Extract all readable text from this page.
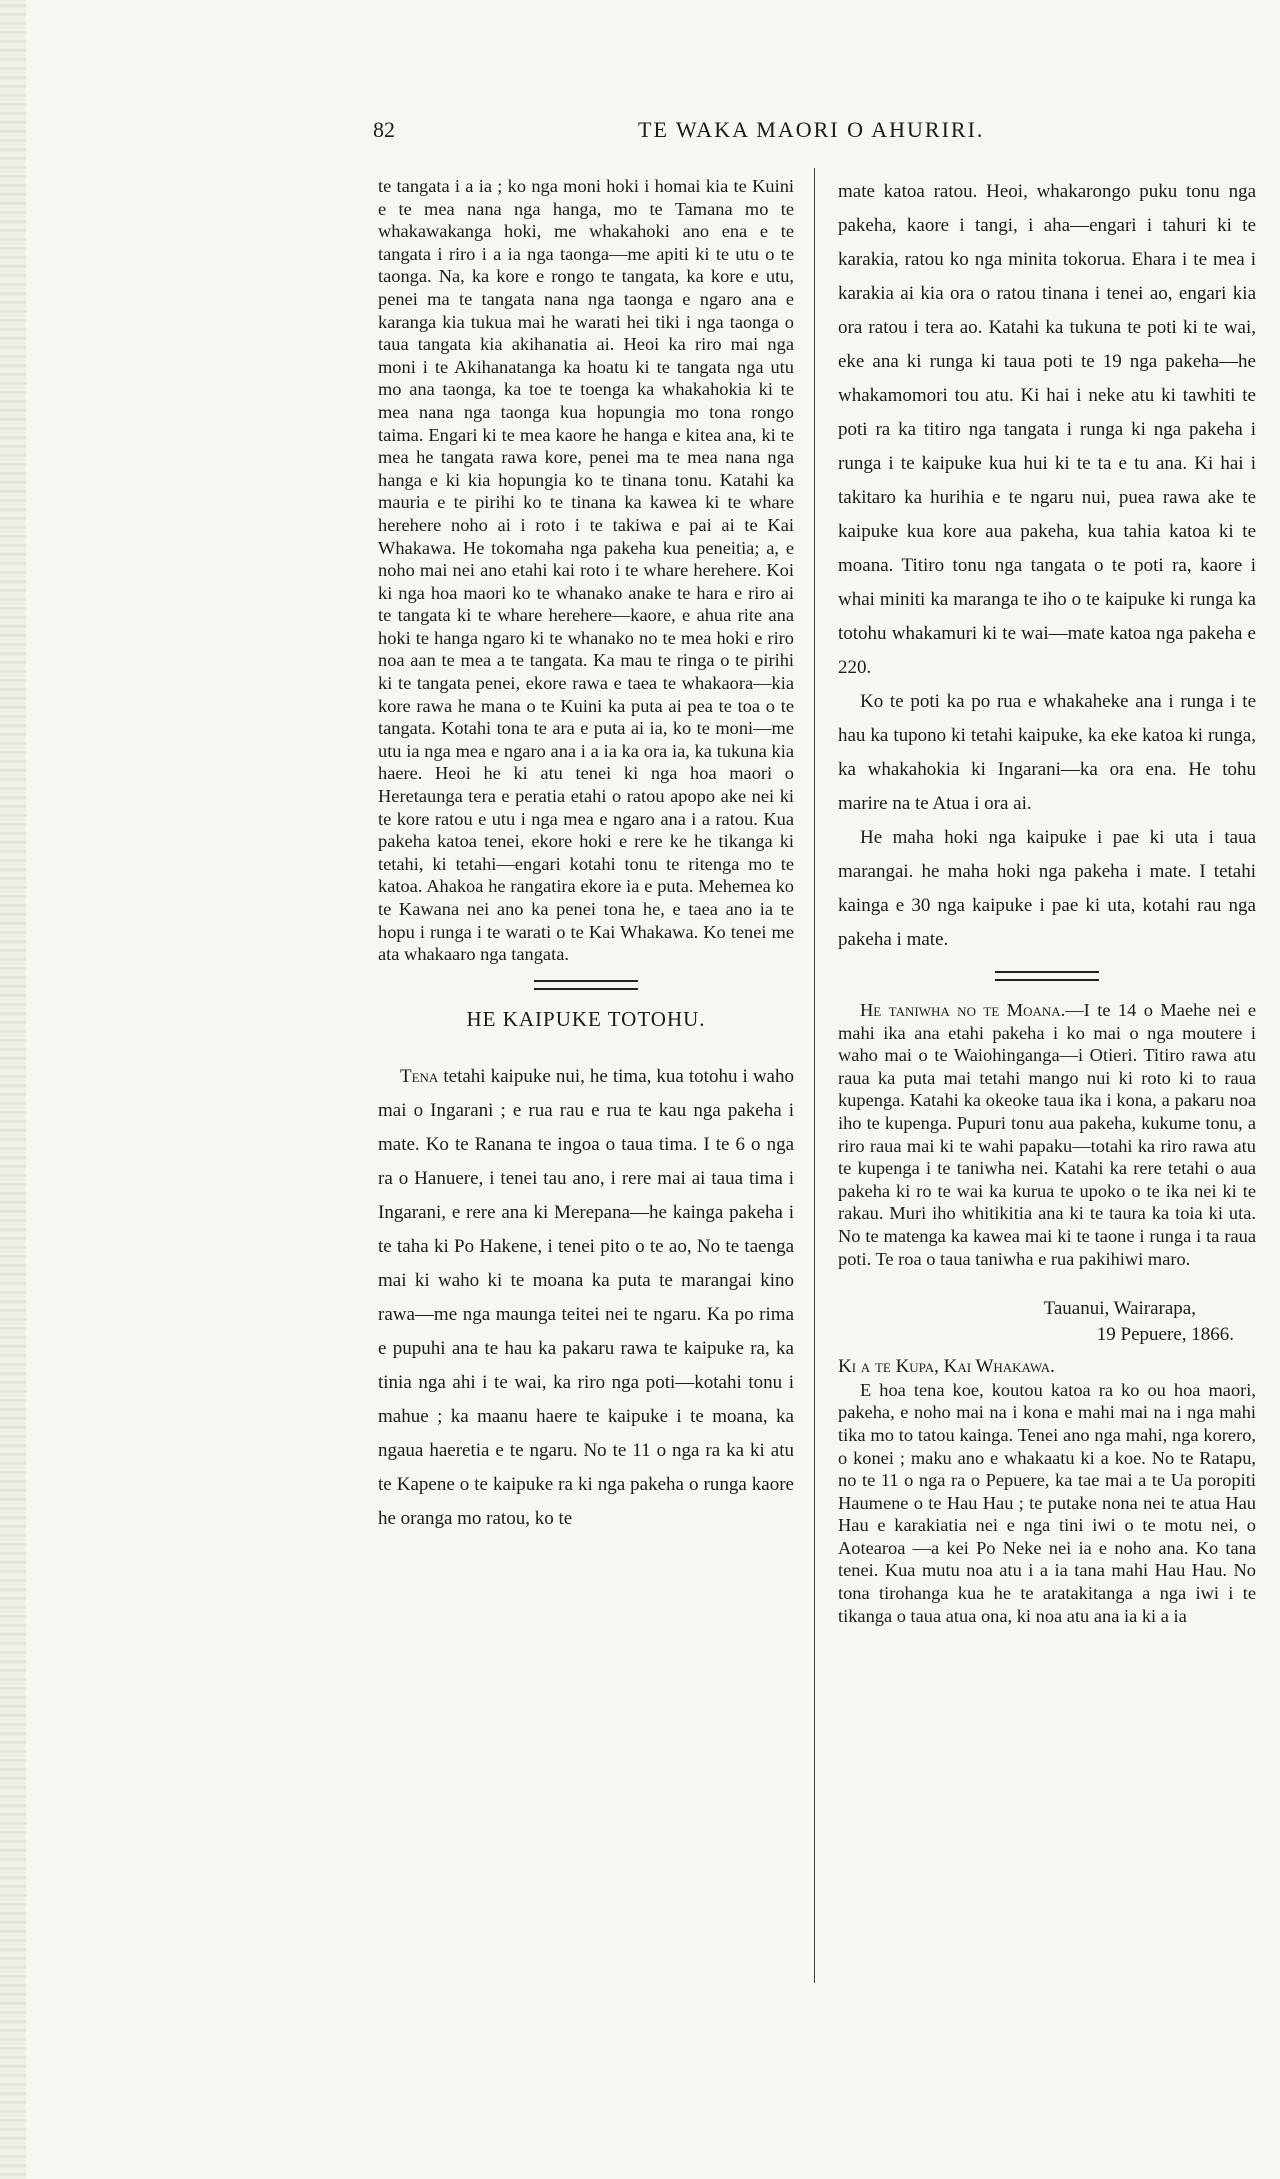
82	TE WAKA MAORI O AHURIRI.

te tangata i a ia ; ko nga moni hoki i homai kia te Kuini e te mea nana nga hanga, mo te Tamana mo te whakawakanga hoki, me whakahoki ano ena e te tangata i riro i a ia nga taonga—me apiti ki te utu o te taonga. Na, ka kore e rongo te tangata, ka kore e utu, penei ma te tangata nana nga taonga e ngaro ana e karanga kia tukua mai he warati hei tiki i nga taonga o taua tangata kia akihanatia ai. Heoi ka riro mai nga moni i te Akihanatanga ka hoatu ki te tangata nga utu mo ana taonga, ka toe te toenga ka whakahokia ki te mea nana nga taonga kua hopungia mo tona rongo taima. Engari ki te mea kaore he hanga e kitea ana, ki te mea he tangata rawa kore, penei ma te mea nana nga hanga e ki kia hopungia ko te tinana tonu. Katahi ka mauria e te pirihi ko te tinana ka kawea ki te whare herehere noho ai i roto i te takiwa e pai ai te Kai Whakawa. He tokomaha nga pakeha kua peneitia; a, e noho mai nei ano etahi kai roto i te whare herehere. Koi ki nga hoa maori ko te whanako anake te hara e riro ai te tangata ki te whare herehere—kaore, e ahua rite ana hoki te hanga ngaro ki te whanako no te mea hoki e riro noa aan te mea a te tangata. Ka mau te ringa o te pirihi ki te tangata penei, ekore rawa e taea te whakaora—kia kore rawa he mana o te Kuini ka puta ai pea te toa o te tangata. Kotahi tona te ara e puta ai ia, ko te moni—me utu ia nga mea e ngaro ana i a ia ka ora ia, ka tukuna kia haere. Heoi he ki atu tenei ki nga hoa maori o Heretaunga tera e peratia etahi o ratou apopo ake nei ki te kore ratou e utu i nga mea e ngaro ana i a ratou. Kua pakeha katoa tenei, ekore hoki e rere ke he tikanga ki tetahi, ki tetahi—engari kotahi tonu te ritenga mo te katoa. Ahakoa he rangatira ekore ia e puta. Mehemea ko te Kawana nei ano ka penei tona he, e taea ano ia te hopu i runga i te warati o te Kai Whakawa. Ko tenei me ata whakaaro nga tangata.

HE KAIPUKE TOTOHU.

Tena tetahi kaipuke nui, he tima, kua totohu i waho mai o Ingarani ; e rua rau e rua te kau nga pakeha i mate. Ko te Ranana te ingoa o taua tima. I te 6 o nga ra o Hanuere, i tenei tau ano, i rere mai ai taua tima i Ingarani, e rere ana ki Merepana—he kainga pakeha i te taha ki Po Hakene, i tenei pito o te ao, No te taenga mai ki waho ki te moana ka puta te marangai kino rawa—me nga maunga teitei nei te ngaru. Ka po rima e pupuhi ana te hau ka pakaru rawa te kaipuke ra, ka tinia nga ahi i te wai, ka riro nga poti—kotahi tonu i mahue ; ka maanu haere te kaipuke i te moana, ka ngaua haeretia e te ngaru. No te 11 o nga ra ka ki atu te Kapene o te kaipuke ra ki nga pakeha o runga kaore he oranga mo ratou, ko te

mate katoa ratou. Heoi, whakarongo puku tonu nga pakeha, kaore i tangi, i aha—engari i tahuri ki te karakia, ratou ko nga minita tokorua. Ehara i te mea i karakia ai kia ora o ratou tinana i tenei ao, engari kia ora ratou i tera ao. Katahi ka tukuna te poti ki te wai, eke ana ki runga ki taua poti te 19 nga pakeha—he whakamomori tou atu. Ki hai i neke atu ki tawhiti te poti ra ka titiro nga tangata i runga ki nga pakeha i runga i te kaipuke kua hui ki te ta e tu ana. Ki hai i takitaro ka hurihia e te ngaru nui, puea rawa ake te kaipuke kua kore aua pakeha, kua tahia katoa ki te moana. Titiro tonu nga tangata o te poti ra, kaore i whai miniti ka maranga te iho o te kaipuke ki runga ka totohu whakamuri ki te wai—mate katoa nga pakeha e 220.

Ko te poti ka po rua e whakaheke ana i runga i te hau ka tupono ki tetahi kaipuke, ka eke katoa ki runga, ka whakahokia ki Ingarani—ka ora ena. He tohu marire na te Atua i ora ai.

He maha hoki nga kaipuke i pae ki uta i taua marangai. he maha hoki nga pakeha i mate. I tetahi kainga e 30 nga kaipuke i pae ki uta, kotahi rau nga pakeha i mate.

He taniwha no te Moana.—I te 14 o Maehe nei e mahi ika ana etahi pakeha i ko mai o nga moutere i waho mai o te Waiohinganga—i Otieri. Titiro rawa atu raua ka puta mai tetahi mango nui ki roto ki to raua kupenga. Katahi ka okeoke taua ika i kona, a pakaru noa iho te kupenga. Pupuri tonu aua pakeha, kukume tonu, a riro raua mai ki te wahi papaku—totahi ka riro rawa atu te kupenga i te taniwha nei. Katahi ka rere tetahi o aua pakeha ki ro te wai ka kurua te upoko o te ika nei ki te rakau. Muri iho whitikitia ana ki te taura ka toia ki uta. No te matenga ka kawea mai ki te taone i runga i ta raua poti. Te roa o taua taniwha e rua pakihiwi maro.

Tauanui, Wairarapa,
19 Pepuere, 1866.
Ki a te Kupa, Kai Whakawa.

E hoa tena koe, koutou katoa ra ko ou hoa maori, pakeha, e noho mai na i kona e mahi mai na i nga mahi tika mo to tatou kainga. Tenei ano nga mahi, nga korero, o konei ; maku ano e whakaatu ki a koe. No te Ratapu, no te 11 o nga ra o Pepuere, ka tae mai a te Ua poropiti Haumene o te Hau Hau ; te putake nona nei te atua Hau Hau e karakiatia nei e nga tini iwi o te motu nei, o Aotearoa —a kei Po Neke nei ia e noho ana. Ko tana tenei. Kua mutu noa atu i a ia tana mahi Hau Hau. No tona tirohanga kua he te aratakitanga a nga iwi i te tikanga o taua atua ona, ki noa atu ana ia ki a ia
